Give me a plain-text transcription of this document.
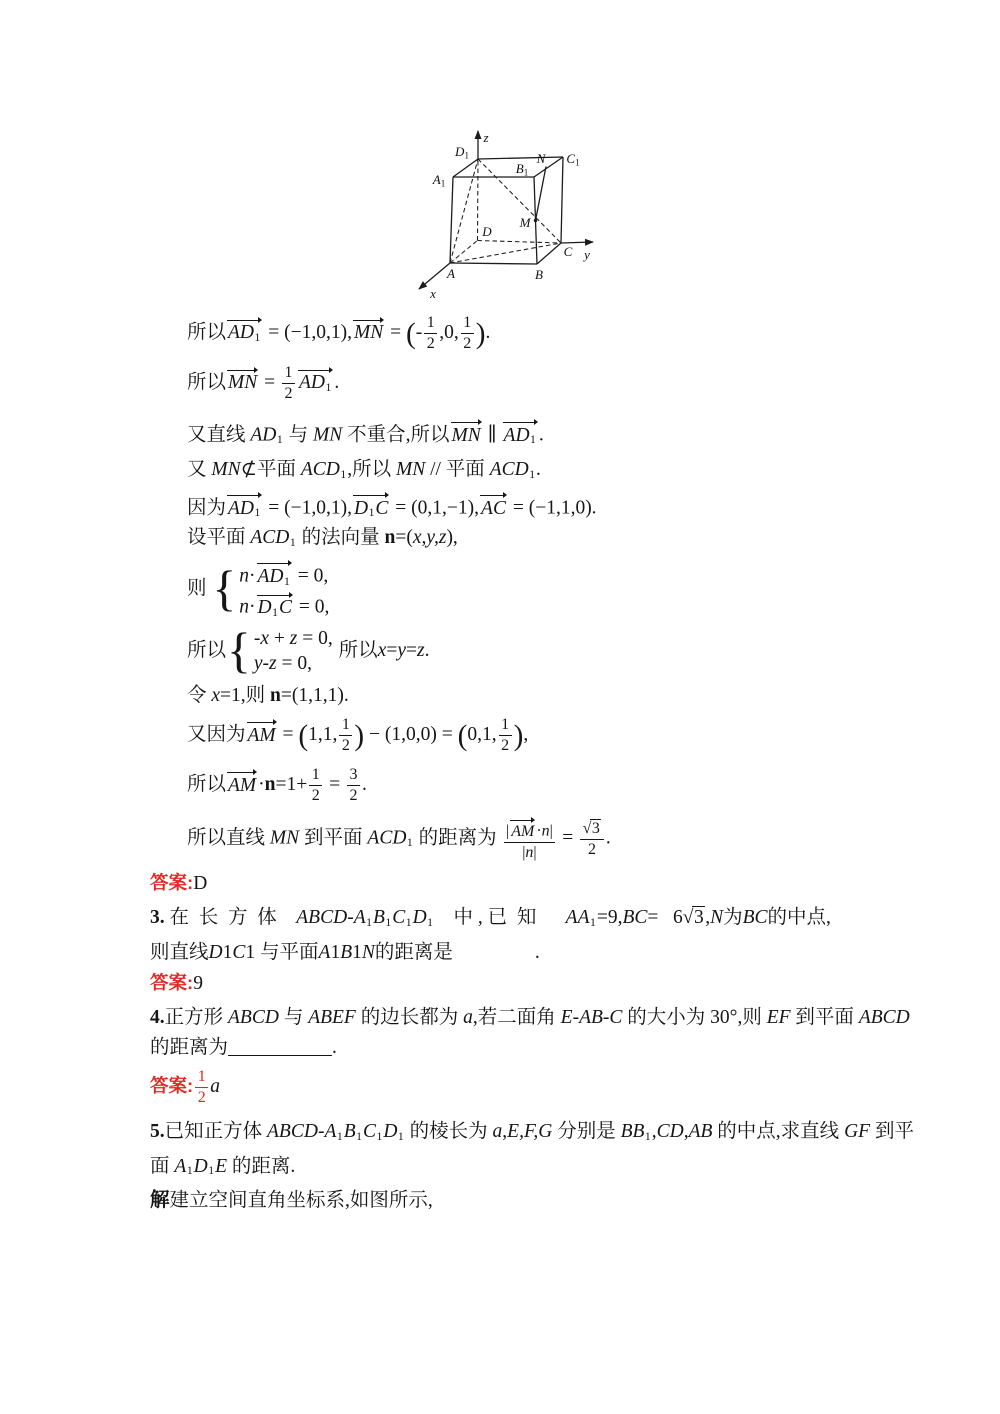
z
D1
A1
B1
N C1
D
M
C y
A	B
x
所以 AD1 = (−1,0,1), MN = (- $\frac{1}{2} ,0$, $\frac{1}{2}$ ).
所以 MN = $\frac{1}{2} AD1$ .
又直线 AD1 与 MN 不重合,所以 MN ∥ AD1 .
又 MN⊄平面 ACD1,所以 MN // 平面 ACD1.
因为 AD1 = (−1,0,1), D1C = (0,1,−1), AC = (−1,1,0).
设平面 ACD1 的法向量 n=(x,y,z),
则 { n· AD1 = 0,
n· D1C = 0,
所以 { -x + z = 0,
y-z = 0,
所以x=y=z.
令 x=1,则 n=(1,1,1).
又因为 AM = (1,1, $\frac{1}{2}$ ) − (1,0,0) = (0,1, $\frac{1}{2}$ ),
所以 AM $\cdot n=1+ \frac{1}{2} = \frac{3}{2}$ .
所以直线 MN 到平面 ACD1 的距离为 $\frac{| AM \cdot n|}{|n|} = \frac{√3}{2}$ .
答案:D
3. 在 长 方 体 ABCD-A1B1C1D1 中 , 已 知  AA1=9,BC=  6√3,N为BC的中点,
则直线D1C1 与平面A1B1N的距离是	.
答案:9
4.正方形 ABCD 与 ABEF 的边长都为 a,若二面角 E-AB-C 的大小为 30°,则 EF 到平面 ABCD
的距离为	.
答案: $\frac{1}{2}$ a
5.已知正方体 ABCD-A1B1C1D1 的棱长为 a,E,F,G 分别是 BB1,CD,AB 的中点,求直线 GF 到平
面 A1D1E 的距离.
解建立空间直角坐标系,如图所示,
